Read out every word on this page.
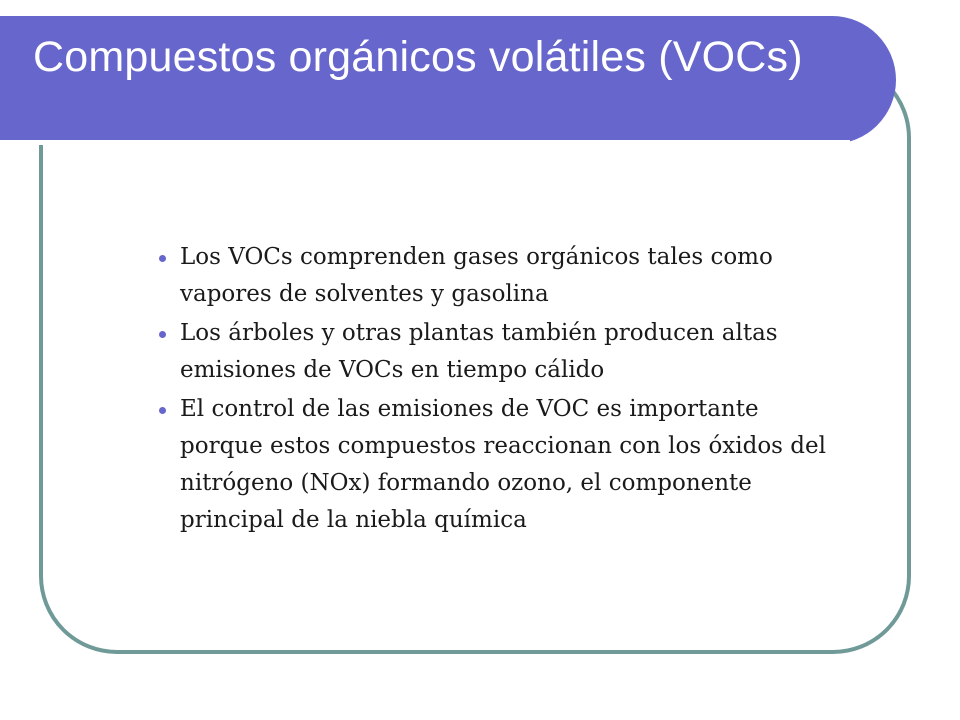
Compuestos orgánicos volátiles (VOCs)
Los VOCs comprenden gases orgánicos tales como vapores de solventes y gasolina
Los árboles y otras plantas también producen altas emisiones de VOCs en tiempo cálido
El control de las emisiones de VOC es importante porque estos compuestos reaccionan con los óxidos del nitrógeno (NOx) formando ozono, el componente principal de la niebla química
